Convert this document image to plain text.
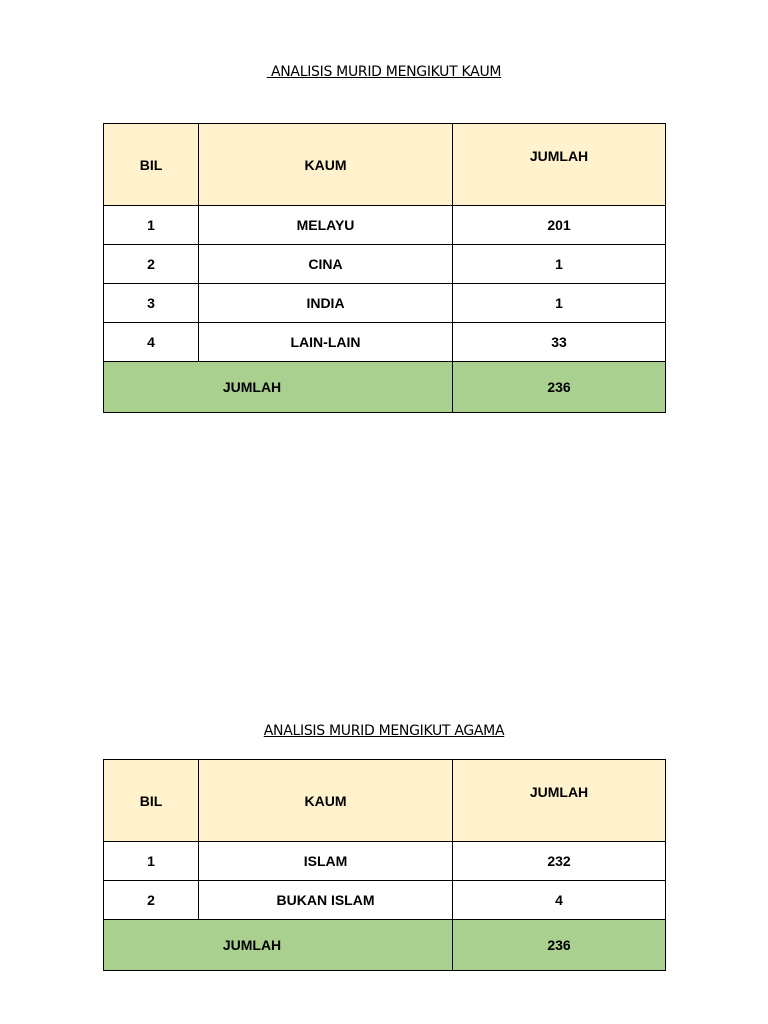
ANALISIS MURID MENGIKUT KAUM
BIL	KAUM	JUMLAH
1	MELAYU	201
2	CINA	1
3	INDIA	1
4	LAIN-LAIN	33
JUMLAH		236
ANALISIS MURID MENGIKUT AGAMA
BIL	KAUM	JUMLAH
1	ISLAM	232
2	BUKAN ISLAM	4
JUMLAH		236
